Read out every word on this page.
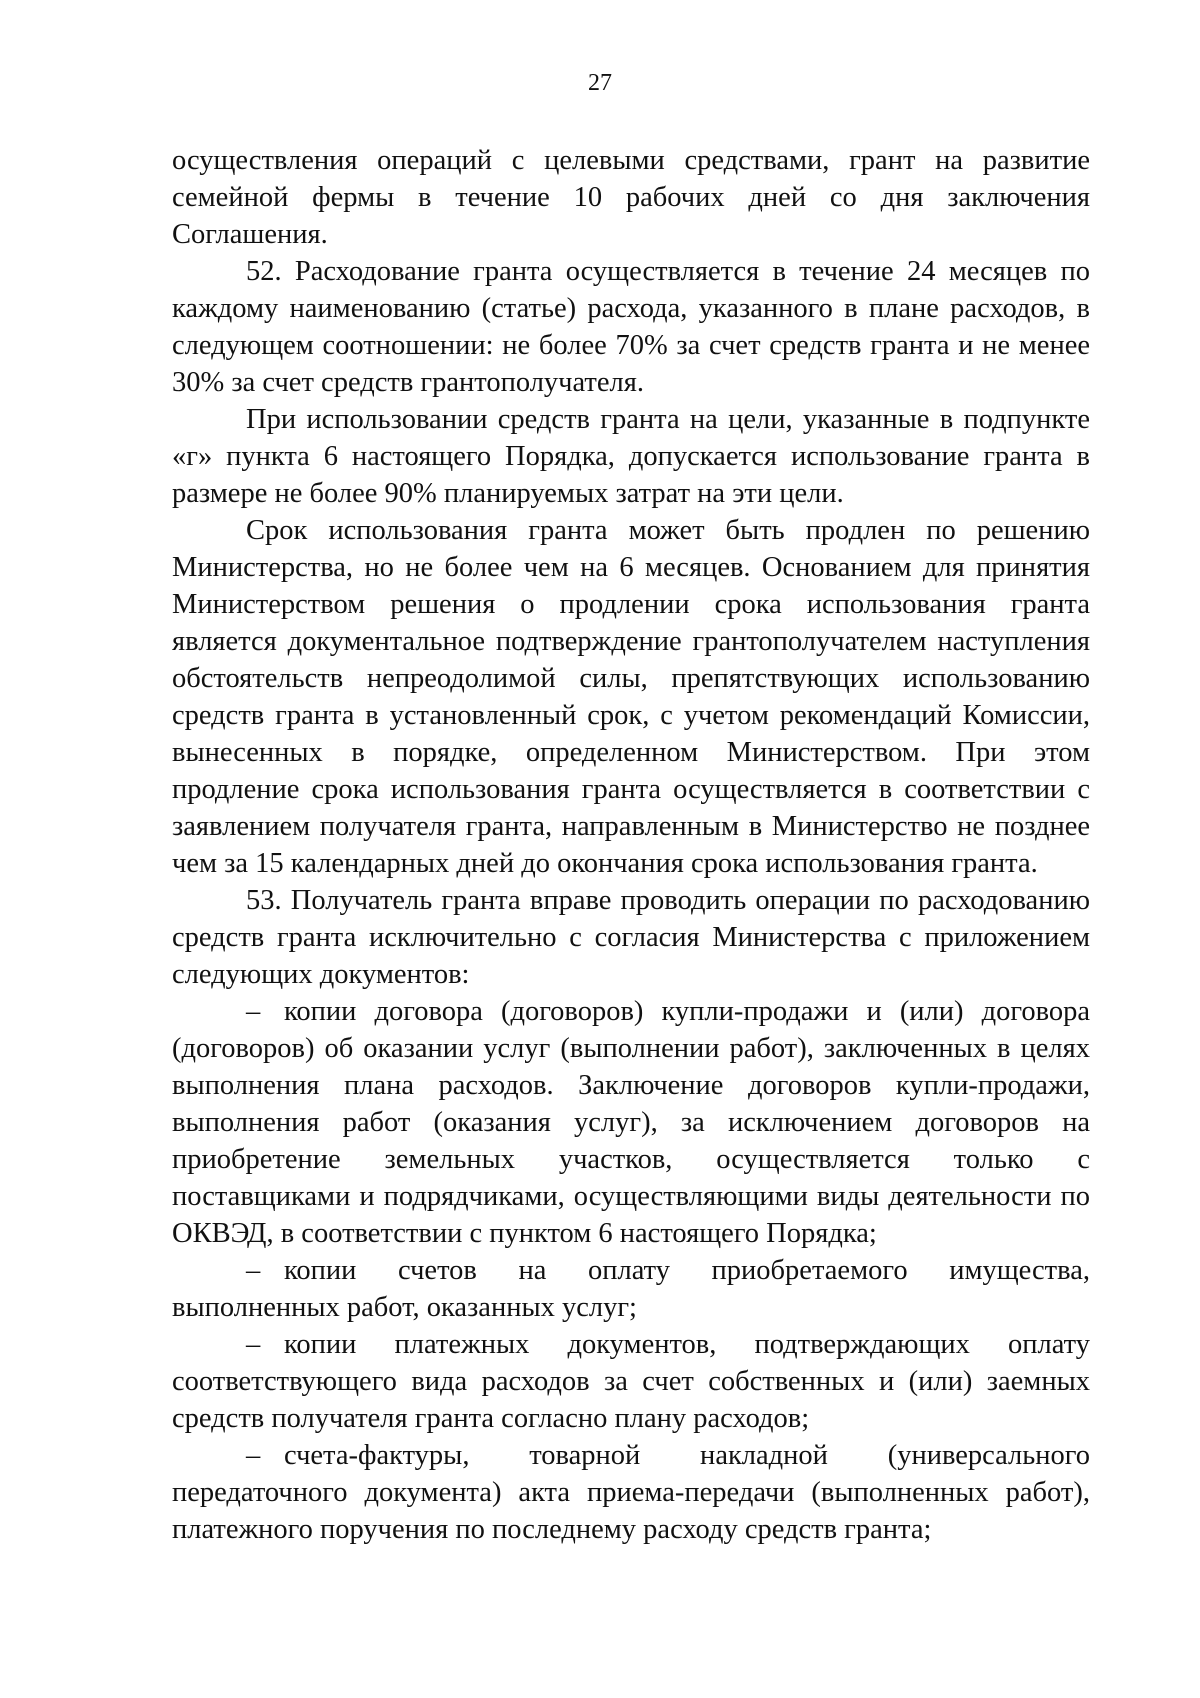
27

осуществления операций с целевыми средствами, грант на развитие семейной фермы в течение 10 рабочих дней со дня заключения Соглашения.

52. Расходование гранта осуществляется в течение 24 месяцев по каждому наименованию (статье) расхода, указанного в плане расходов, в следующем соотношении: не более 70% за счет средств гранта и не менее 30% за счет средств грантополучателя.

При использовании средств гранта на цели, указанные в подпункте «г» пункта 6 настоящего Порядка, допускается использование гранта в размере не более 90% планируемых затрат на эти цели.

Срок использования гранта может быть продлен по решению Министерства, но не более чем на 6 месяцев. Основанием для принятия Министерством решения о продлении срока использования гранта является документальное подтверждение грантополучателем наступления обстоятельств непреодолимой силы, препятствующих использованию средств гранта в установленный срок, с учетом рекомендаций Комиссии, вынесенных в порядке, определенном Министерством. При этом продление срока использования гранта осуществляется в соответствии с заявлением получателя гранта, направленным в Министерство не позднее чем за 15 календарных дней до окончания срока использования гранта.

53. Получатель гранта вправе проводить операции по расходованию средств гранта исключительно с согласия Министерства с приложением следующих документов:

– копии договора (договоров) купли-продажи и (или) договора (договоров) об оказании услуг (выполнении работ), заключенных в целях выполнения плана расходов. Заключение договоров купли-продажи, выполнения работ (оказания услуг), за исключением договоров на приобретение земельных участков, осуществляется только с поставщиками и подрядчиками, осуществляющими виды деятельности по ОКВЭД, в соответствии с пунктом 6 настоящего Порядка;

– копии счетов на оплату приобретаемого имущества, выполненных работ, оказанных услуг;

– копии платежных документов, подтверждающих оплату соответствующего вида расходов за счет собственных и (или) заемных средств получателя гранта согласно плану расходов;

– счета-фактуры, товарной накладной (универсального передаточного документа) акта приема-передачи (выполненных работ), платежного поручения по последнему расходу средств гранта;
